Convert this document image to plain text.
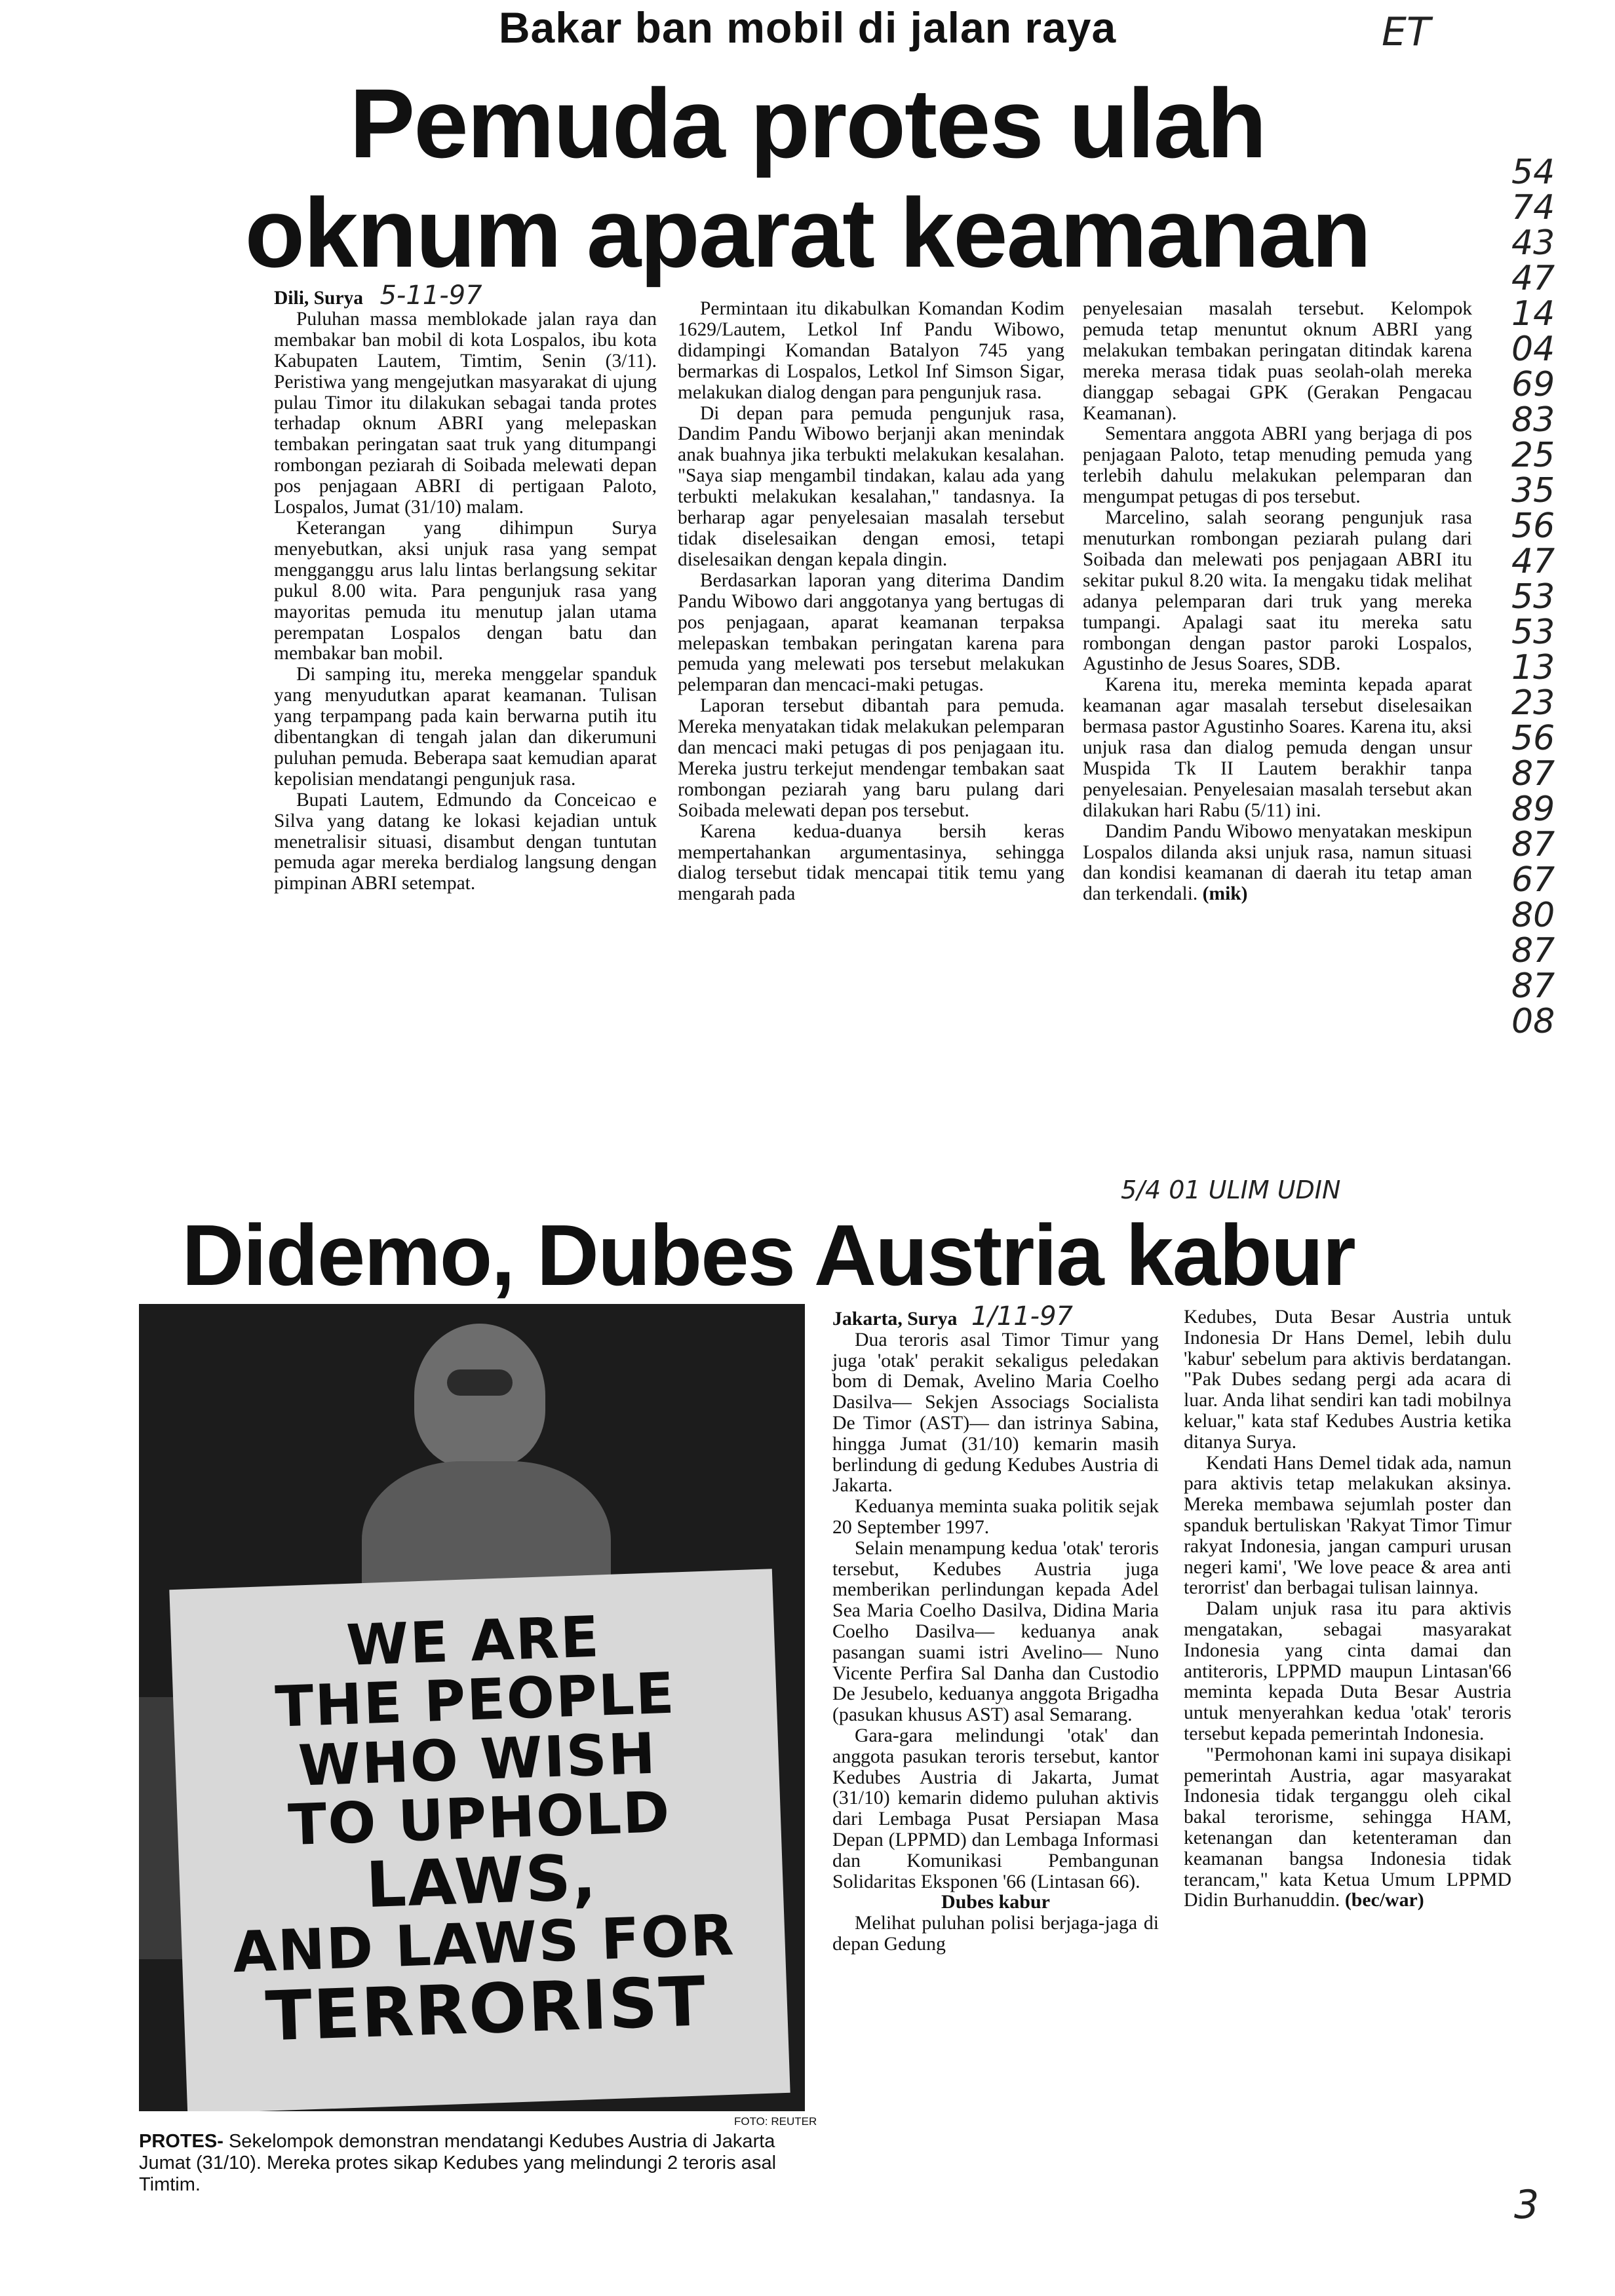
Bakar ban mobil di jalan raya	ET
Pemuda protes ulah
oknum aparat keamanan

Dili, Surya 5-11-97

Puluhan massa memblokade jalan raya dan membakar ban mobil di kota Lospalos, ibu kota Kabupaten Lautem, Timtim, Senin (3/11). Peristiwa yang mengejutkan masyarakat di ujung pulau Timor itu dilakukan sebagai tanda protes terhadap oknum ABRI yang melepaskan tembakan peringatan saat truk yang ditumpangi rombongan peziarah di Soibada melewati depan pos penjagaan ABRI di pertigaan Paloto, Lospalos, Jumat (31/10) malam.

Keterangan yang dihimpun Surya menyebutkan, aksi unjuk rasa yang sempat mengganggu arus lalu lintas berlangsung sekitar pukul 8.00 wita. Para pengunjuk rasa yang mayoritas pemuda itu menutup jalan utama perempatan Lospalos dengan batu dan membakar ban mobil.

Di samping itu, mereka menggelar spanduk yang menyudutkan aparat keamanan. Tulisan yang terpampang pada kain berwarna putih itu dibentangkan di tengah jalan dan dikerumuni puluhan pemuda. Beberapa saat kemudian aparat kepolisian mendatangi pengunjuk rasa.

Bupati Lautem, Edmundo da Conceicao e Silva yang datang ke lokasi kejadian untuk menetralisir situasi, disambut dengan tuntutan pemuda agar mereka berdialog langsung dengan pimpinan ABRI setempat.

Permintaan itu dikabulkan Komandan Kodim 1629/Lautem, Letkol Inf Pandu Wibowo, didampingi Komandan Batalyon 745 yang bermarkas di Lospalos, Letkol Inf Simson Sigar, melakukan dialog dengan para pengunjuk rasa.

Di depan para pemuda pengunjuk rasa, Dandim Pandu Wibowo berjanji akan menindak anak buahnya jika terbukti melakukan kesalahan. "Saya siap mengambil tindakan, kalau ada yang terbukti melakukan kesalahan," tandasnya. Ia berharap agar penyelesaian masalah tersebut tidak diselesaikan dengan emosi, tetapi diselesaikan dengan kepala dingin.

Berdasarkan laporan yang diterima Dandim Pandu Wibowo dari anggotanya yang bertugas di pos penjagaan, aparat keamanan terpaksa melepaskan tembakan peringatan karena para pemuda yang melewati pos tersebut melakukan pelemparan dan mencaci-maki petugas.

Laporan tersebut dibantah para pemuda. Mereka menyatakan tidak melakukan pelemparan dan mencaci maki petugas di pos penjagaan itu. Mereka justru terkejut mendengar tembakan saat rombongan peziarah yang baru pulang dari Soibada melewati depan pos tersebut.

Karena kedua-duanya bersih keras mempertahankan argumentasinya, sehingga dialog tersebut tidak mencapai titik temu yang mengarah pada

penyelesaian masalah tersebut. Kelompok pemuda tetap menuntut oknum ABRI yang melakukan tembakan peringatan ditindak karena mereka merasa tidak puas seolah-olah mereka dianggap sebagai GPK (Gerakan Pengacau Keamanan).

Sementara anggota ABRI yang berjaga di pos penjagaan Paloto, tetap menuding pemuda yang terlebih dahulu melakukan pelemparan dan mengumpat petugas di pos tersebut.

Marcelino, salah seorang pengunjuk rasa menuturkan rombongan peziarah pulang dari Soibada dan melewati pos penjagaan ABRI itu sekitar pukul 8.20 wita. Ia mengaku tidak melihat adanya pelemparan dari truk yang mereka tumpangi. Apalagi saat itu mereka satu rombongan dengan pastor paroki Lospalos, Agustinho de Jesus Soares, SDB.

Karena itu, mereka meminta kepada aparat keamanan agar masalah tersebut diselesaikan bermasa pastor Agustinho Soares. Karena itu, aksi unjuk rasa dan dialog pemuda dengan unsur Muspida Tk II Lautem berakhir tanpa penyelesaian. Penyelesaian masalah tersebut akan dilakukan hari Rabu (5/11) ini.

Dandim Pandu Wibowo menyatakan meskipun Lospalos dilanda aksi unjuk rasa, namun situasi dan kondisi keamanan di daerah itu tetap aman dan terkendali. (mik)

54
74
43
47
14
04
69
83
25
35
56
47
53
53
13
23
56
87
89
87
67
80
87
87
08
5/4 01 ULIM UDIN
Didemo, Dubes Austria kabur
WE ARE
THE PEOPLE
WHO WISH
TO UPHOLD
LAWS,
AND LAWS FOR
TERRORIST
FOTO: REUTER
PROTES- Sekelompok demonstran mendatangi Kedubes Austria di Jakarta Jumat (31/10). Mereka protes sikap Kedubes yang melindungi 2 teroris asal Timtim.

Jakarta, Surya 1/11-97

Dua teroris asal Timor Timur yang juga 'otak' perakit sekaligus peledakan bom di Demak, Avelino Maria Coelho Dasilva— Sekjen Associags Socialista De Timor (AST)— dan istrinya Sabina, hingga Jumat (31/10) kemarin masih berlindung di gedung Kedubes Austria di Jakarta.

Keduanya meminta suaka politik sejak 20 September 1997.

Selain menampung kedua 'otak' teroris tersebut, Kedubes Austria juga memberikan perlindungan kepada Adel Sea Maria Coelho Dasilva, Didina Maria Coelho Dasilva— keduanya anak pasangan suami istri Avelino— Nuno Vicente Perfira Sal Danha dan Custodio De Jesubelo, keduanya anggota Brigadha (pasukan khusus AST) asal Semarang.

Gara-gara melindungi 'otak' dan anggota pasukan teroris tersebut, kantor Kedubes Austria di Jakarta, Jumat (31/10) kemarin didemo puluhan aktivis dari Lembaga Pusat Persiapan Masa Depan (LPPMD) dan Lembaga Informasi dan Komunikasi Pembangunan Solidaritas Eksponen '66 (Lintasan 66).

Dubes kabur

Melihat puluhan polisi berjaga-jaga di depan Gedung

Kedubes, Duta Besar Austria untuk Indonesia Dr Hans Demel, lebih dulu 'kabur' sebelum para aktivis berdatangan. "Pak Dubes sedang pergi ada acara di luar. Anda lihat sendiri kan tadi mobilnya keluar," kata staf Kedubes Austria ketika ditanya Surya.

Kendati Hans Demel tidak ada, namun para aktivis tetap melakukan aksinya. Mereka membawa sejumlah poster dan spanduk bertuliskan 'Rakyat Timor Timur rakyat Indonesia, jangan campuri urusan negeri kami', 'We love peace & area anti terorrist' dan berbagai tulisan lainnya.

Dalam unjuk rasa itu para aktivis mengatakan, sebagai masyarakat Indonesia yang cinta damai dan antiteroris, LPPMD maupun Lintasan'66 meminta kepada Duta Besar Austria untuk menyerahkan kedua 'otak' teroris tersebut kepada pemerintah Indonesia.

"Permohonan kami ini supaya disikapi pemerintah Austria, agar masyarakat Indonesia tidak terganggu oleh cikal bakal terorisme, sehingga HAM, ketenangan dan ketenteraman dan keamanan bangsa Indonesia tidak terancam," kata Ketua Umum LPPMD Didin Burhanuddin. (bec/war)

3
